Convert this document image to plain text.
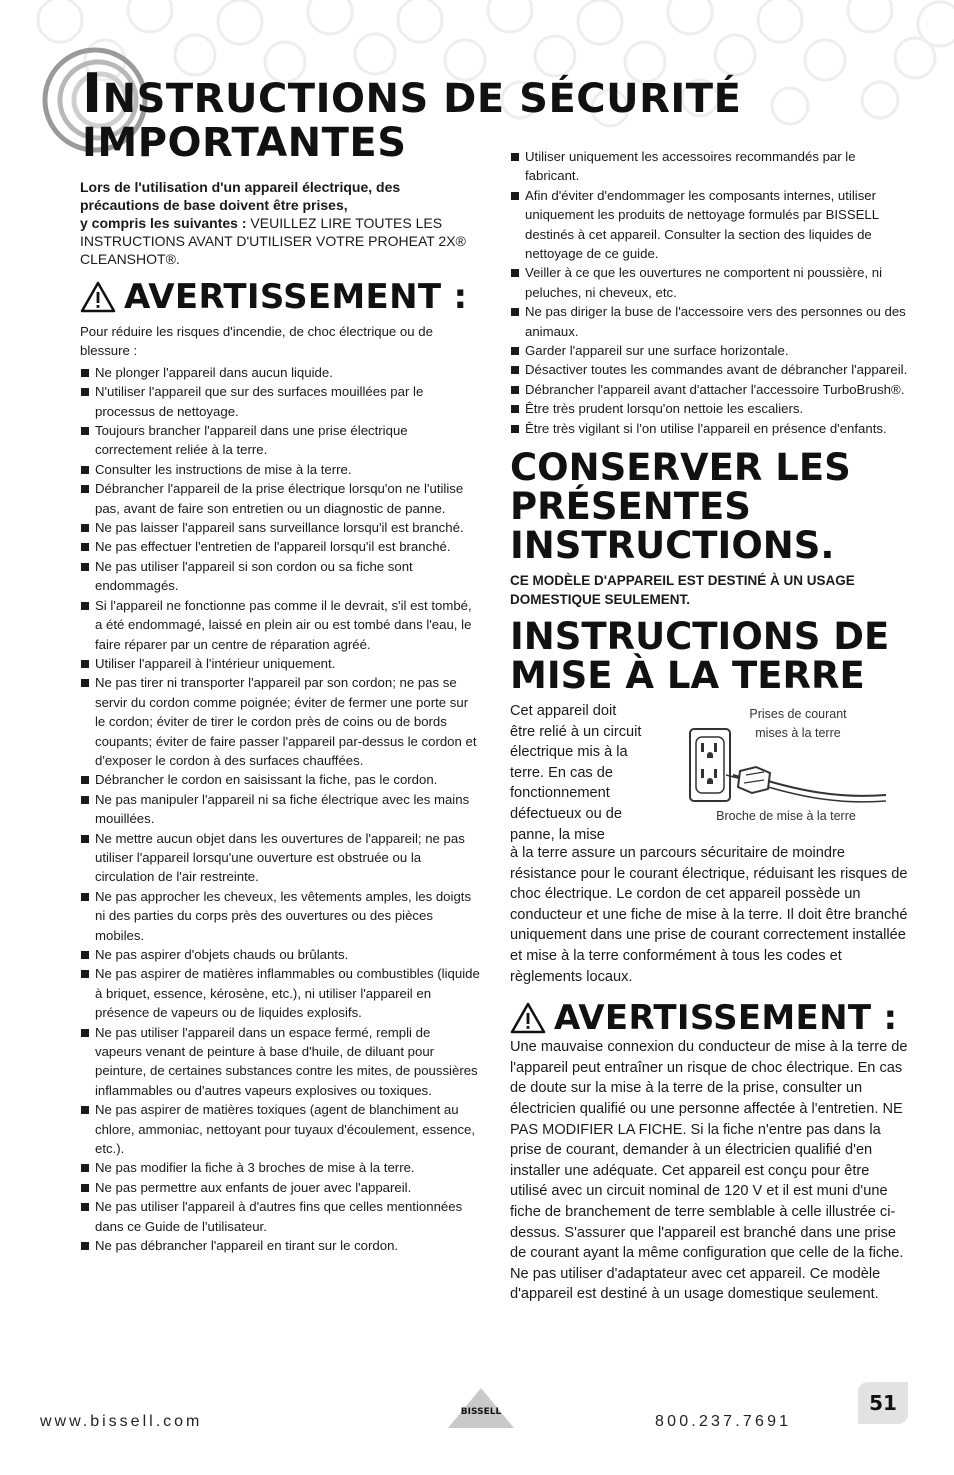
INSTRUCTIONS DE SÉCURITÉ
IMPORTANTES

Lors de l'utilisation d'un appareil électrique, des précautions de base doivent être prises,
y compris les suivantes : VEUILLEZ LIRE TOUTES LES INSTRUCTIONS AVANT D'UTILISER VOTRE PROHEAT 2X® CLEANSHOT®.

AVERTISSEMENT :

Pour réduire les risques d'incendie, de choc électrique ou de blessure :

Ne plonger l'appareil dans aucun liquide.
N'utiliser l'appareil que sur des surfaces mouillées par le processus de nettoyage.
Toujours brancher l'appareil dans une prise électrique correctement reliée à la terre.
Consulter les instructions de mise à la terre.
Débrancher l'appareil de la prise électrique lorsqu'on ne l'utilise pas, avant de faire son entretien ou un diagnostic de panne.
Ne pas laisser l'appareil sans surveillance lorsqu'il est branché.
Ne pas effectuer l'entretien de l'appareil lorsqu'il est branché.
Ne pas utiliser l'appareil si son cordon ou sa fiche sont endommagés.
Si l'appareil ne fonctionne pas comme il le devrait, s'il est tombé, a été endommagé, laissé en plein air ou est tombé dans l'eau, le faire réparer par un centre de réparation agréé.
Utiliser l'appareil à l'intérieur uniquement.
Ne pas tirer ni transporter l'appareil par son cordon; ne pas se servir du cordon comme poignée; éviter de fermer une porte sur le cordon; éviter de tirer le cordon près de coins ou de bords coupants; éviter de faire passer l'appareil par-dessus le cordon et d'exposer le cordon à des surfaces chauffées.
Débrancher le cordon en saisissant la fiche, pas le cordon.
Ne pas manipuler l'appareil ni sa fiche électrique avec les mains mouillées.
Ne mettre aucun objet dans les ouvertures de l'appareil; ne pas utiliser l'appareil lorsqu'une ouverture est obstruée ou la circulation de l'air restreinte.
Ne pas approcher les cheveux, les vêtements amples, les doigts ni des parties du corps près des ouvertures ou des pièces mobiles.
Ne pas aspirer d'objets chauds ou brûlants.
Ne pas aspirer de matières inflammables ou combustibles (liquide à briquet, essence, kérosène, etc.), ni utiliser l'appareil en présence de vapeurs ou de liquides explosifs.
Ne pas utiliser l'appareil dans un espace fermé, rempli de vapeurs venant de peinture à base d'huile, de diluant pour peinture, de certaines substances contre les mites, de poussières inflammables ou d'autres vapeurs explosives ou toxiques.
Ne pas aspirer de matières toxiques (agent de blanchiment au chlore, ammoniac, nettoyant pour tuyaux d'écoulement, essence, etc.).
Ne pas modifier la fiche à 3 broches de mise à la terre.
Ne pas permettre aux enfants de jouer avec l'appareil.
Ne pas utiliser l'appareil à d'autres fins que celles mentionnées dans ce Guide de l'utilisateur.
Ne pas débrancher l'appareil en tirant sur le cordon.
Utiliser uniquement les accessoires recommandés par le fabricant.
Afin d'éviter d'endommager les composants internes, utiliser uniquement les produits de nettoyage formulés par BISSELL destinés à cet appareil. Consulter la section des liquides de nettoyage de ce guide.
Veiller à ce que les ouvertures ne comportent ni poussière, ni peluches, ni cheveux, etc.
Ne pas diriger la buse de l'accessoire vers des personnes ou des animaux.
Garder l'appareil sur une surface horizontale.
Désactiver toutes les commandes avant de débrancher l'appareil.
Débrancher l'appareil avant d'attacher l'accessoire TurboBrush®.
Être très prudent lorsqu'on nettoie les escaliers.
Être très vigilant si l'on utilise l'appareil en présence d'enfants.
CONSERVER LES PRÉSENTES INSTRUCTIONS.

CE MODÈLE D'APPAREIL EST DESTINÉ À UN USAGE DOMESTIQUE SEULEMENT.

INSTRUCTIONS DE MISE À LA TERRE

Cet appareil doit être relié à un circuit électrique mis à la terre. En cas de fonctionnement défectueux ou de panne, la mise

Prises de courant mises à la terre
Broche de mise à la terre

à la terre assure un parcours sécuritaire de moindre résistance pour le courant électrique, réduisant les risques de choc électrique. Le cordon de cet appareil possède un conducteur et une fiche de mise à la terre. Il doit être branché uniquement dans une prise de courant correctement installée et mise à la terre conformément à tous les codes et règlements locaux.

AVERTISSEMENT :

Une mauvaise connexion du conducteur de mise à la terre de l'appareil peut entraîner un risque de choc électrique. En cas de doute sur la mise à la terre de la prise, consulter un électricien qualifié ou une personne affectée à l'entretien. NE PAS MODIFIER LA FICHE. Si la fiche n'entre pas dans la prise de courant, demander à un électricien qualifié d'en installer une adéquate. Cet appareil est conçu pour être utilisé avec un circuit nominal de 120 V et il est muni d'une fiche de branchement de terre semblable à celle illustrée ci-dessus. S'assurer que l'appareil est branché dans une prise de courant ayant la même configuration que celle de la fiche. Ne pas utiliser d'adaptateur avec cet appareil. Ce modèle d'appareil est destiné à un usage domestique seulement.

www.bissell.com
BISSELL
800.237.7691
51
